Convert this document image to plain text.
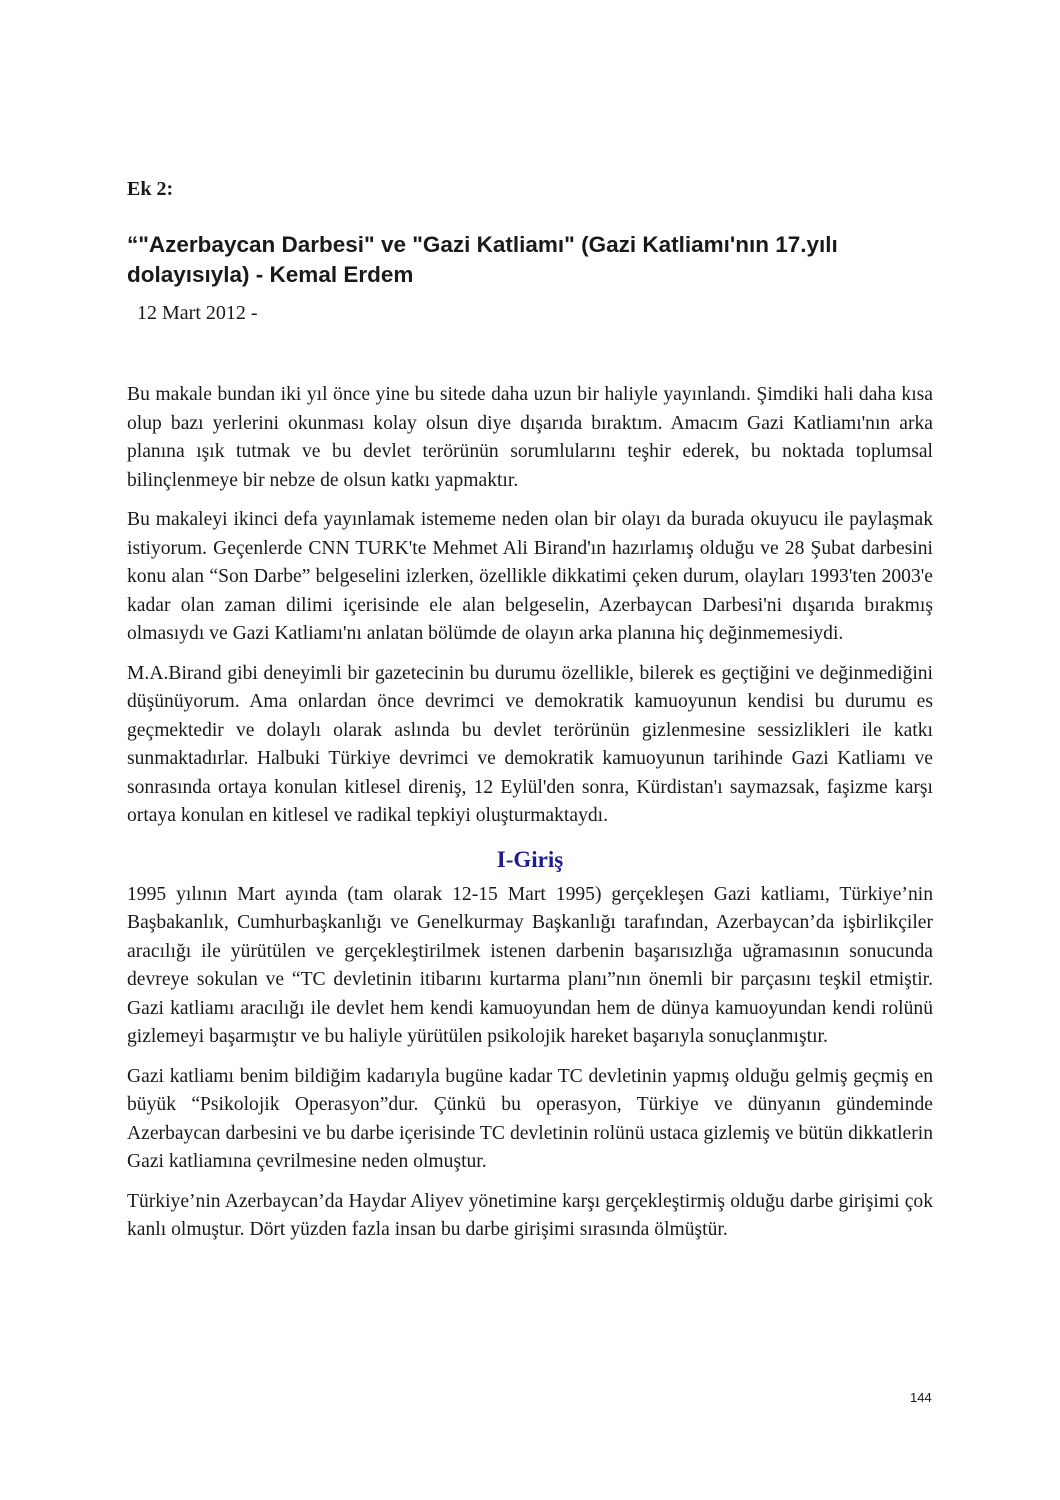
Ek 2:

“"Azerbaycan Darbesi" ve "Gazi Katliamı" (Gazi Katliamı'nın 17.yılı dolayısıyla) - Kemal Erdem

12 Mart 2012 -

Bu makale bundan iki yıl önce yine bu sitede daha uzun bir haliyle yayınlandı. Şimdiki hali daha kısa olup bazı yerlerini okunması kolay olsun diye dışarıda bıraktım. Amacım Gazi Katliamı'nın arka planına ışık tutmak ve bu devlet terörünün sorumlularını teşhir ederek, bu noktada toplumsal bilinçlenmeye bir nebze de olsun katkı yapmaktır.

Bu makaleyi ikinci defa yayınlamak istememe neden olan bir olayı da burada okuyucu ile paylaşmak istiyorum. Geçenlerde CNN TURK'te Mehmet Ali Birand'ın hazırlamış olduğu ve 28 Şubat darbesini konu alan “Son Darbe” belgeselini izlerken, özellikle dikkatimi çeken durum, olayları 1993'ten 2003'e kadar olan zaman dilimi içerisinde ele alan belgeselin, Azerbaycan Darbesi'ni dışarıda bırakmış olmasıydı ve Gazi Katliamı'nı anlatan bölümde de olayın arka planına hiç değinmemesiydi.

M.A.Birand gibi deneyimli bir gazetecinin bu durumu özellikle, bilerek es geçtiğini ve değinmediğini düşünüyorum. Ama onlardan önce devrimci ve demokratik kamuoyunun kendisi bu durumu es geçmektedir ve dolaylı olarak aslında bu devlet terörünün gizlenmesine sessizlikleri ile katkı sunmaktadırlar. Halbuki Türkiye devrimci ve demokratik kamuoyunun tarihinde Gazi Katliamı ve sonrasında ortaya konulan kitlesel direniş, 12 Eylül'den sonra, Kürdistan'ı saymazsak, faşizme karşı ortaya konulan en kitlesel ve radikal tepkiyi oluşturmaktaydı.

I-Giriş

1995 yılının Mart ayında (tam olarak 12-15 Mart 1995) gerçekleşen Gazi katliamı, Türkiye’nin Başbakanlık, Cumhurbaşkanlığı ve Genelkurmay Başkanlığı tarafından, Azerbaycan’da işbirlikçiler aracılığı ile yürütülen ve gerçekleştirilmek istenen darbenin başarısızlığa uğramasının sonucunda devreye sokulan ve “TC devletinin itibarını kurtarma planı”nın önemli bir parçasını teşkil etmiştir. Gazi katliamı aracılığı ile devlet hem kendi kamuoyundan hem de dünya kamuoyundan kendi rolünü gizlemeyi başarmıştır ve bu haliyle yürütülen psikolojik hareket başarıyla sonuçlanmıştır.

Gazi katliamı benim bildiğim kadarıyla bugüne kadar TC devletinin yapmış olduğu gelmiş geçmiş en büyük “Psikolojik Operasyon”dur. Çünkü bu operasyon, Türkiye ve dünyanın gündeminde Azerbaycan darbesini ve bu darbe içerisinde TC devletinin rolünü ustaca gizlemiş ve bütün dikkatlerin Gazi katliamına çevrilmesine neden olmuştur.

Türkiye’nin Azerbaycan’da Haydar Aliyev yönetimine karşı gerçekleştirmiş olduğu darbe girişimi çok kanlı olmuştur. Dört yüzden fazla insan bu darbe girişimi sırasında ölmüştür.

144
